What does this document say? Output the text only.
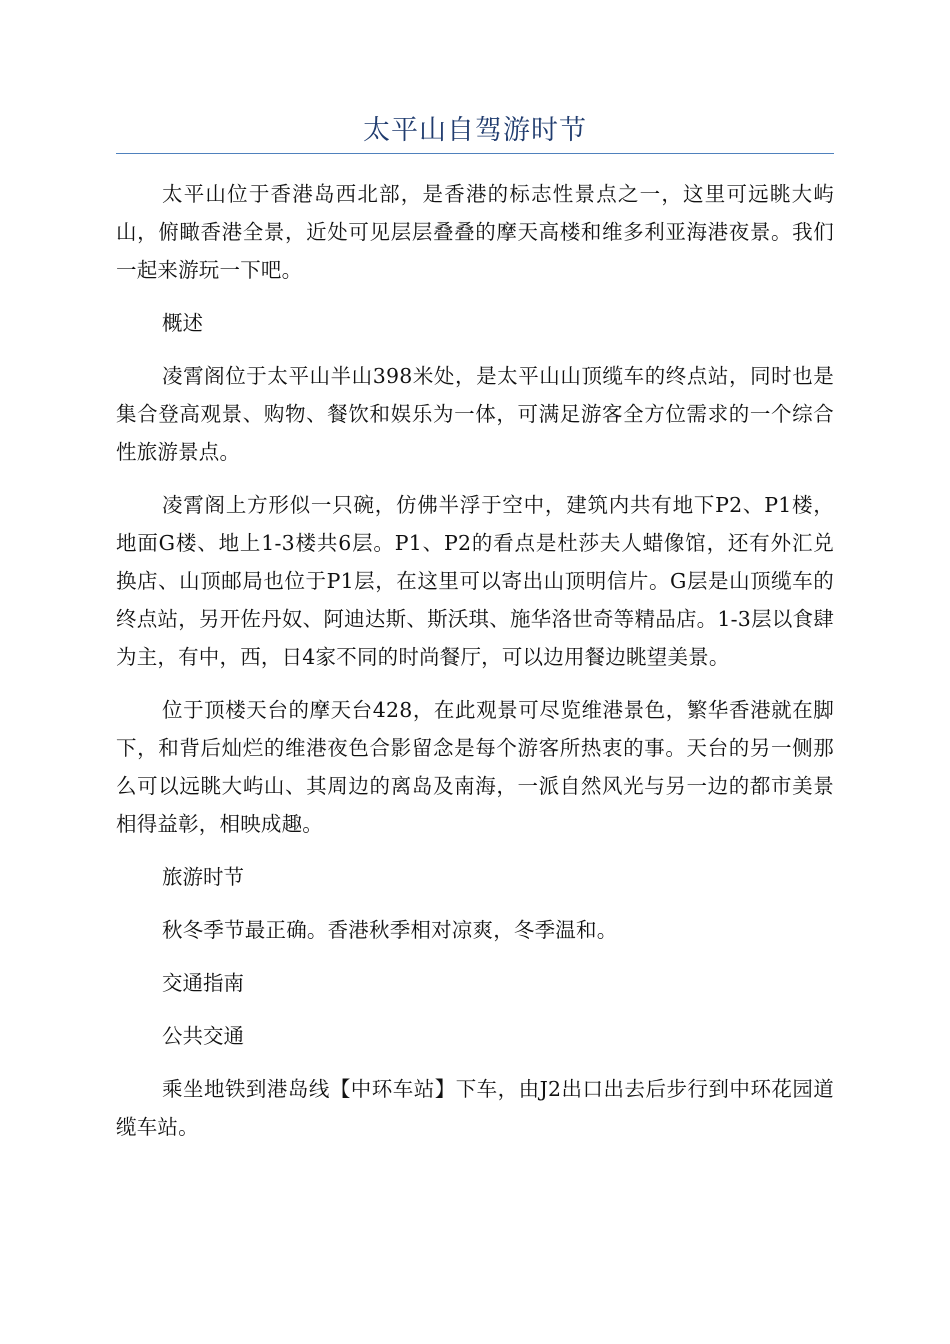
太平山自驾游时节

太平山位于香港岛西北部，是香港的标志性景点之一，这里可远眺大屿山，俯瞰香港全景，近处可见层层叠叠的摩天高楼和维多利亚海港夜景。我们一起来游玩一下吧。

概述

凌霄阁位于太平山半山398米处，是太平山山顶缆车的终点站，同时也是集合登高观景、购物、餐饮和娱乐为一体，可满足游客全方位需求的一个综合性旅游景点。

凌霄阁上方形似一只碗，仿佛半浮于空中，建筑内共有地下P2、P1楼，地面G楼、地上1-3楼共6层。P1、P2的看点是杜莎夫人蜡像馆，还有外汇兑换店、山顶邮局也位于P1层，在这里可以寄出山顶明信片。G层是山顶缆车的终点站，另开佐丹奴、阿迪达斯、斯沃琪、施华洛世奇等精品店。1-3层以食肆为主，有中，西，日4家不同的时尚餐厅，可以边用餐边眺望美景。

位于顶楼天台的摩天台428，在此观景可尽览维港景色，繁华香港就在脚下，和背后灿烂的维港夜色合影留念是每个游客所热衷的事。天台的另一侧那么可以远眺大屿山、其周边的离岛及南海，一派自然风光与另一边的都市美景相得益彰，相映成趣。

旅游时节

秋冬季节最正确。香港秋季相对凉爽，冬季温和。

交通指南

公共交通

乘坐地铁到港岛线【中环车站】下车，由J2出口出去后步行到中环花园道缆车站。
